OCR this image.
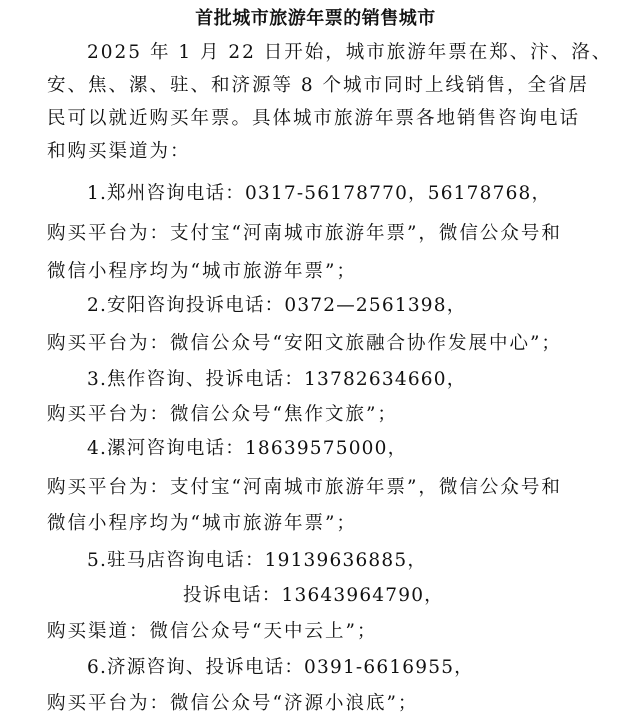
首批城市旅游年票的销售城市
2025 年 1 月 22 日开始，城市旅游年票在郑、汴、洛、
安、焦、漯、驻、和济源等 8 个城市同时上线销售，全省居
民可以就近购买年票。具体城市旅游年票各地销售咨询电话
和购买渠道为：
1.郑州咨询电话：0317-56178770，56178768，
购买平台为：支付宝“河南城市旅游年票”，微信公众号和
微信小程序均为“城市旅游年票”；
2.安阳咨询投诉电话：0372—2561398，
购买平台为：微信公众号“安阳文旅融合协作发展中心”；
3.焦作咨询、投诉电话：13782634660，
购买平台为：微信公众号“焦作文旅”；
4.漯河咨询电话：18639575000，
购买平台为：支付宝“河南城市旅游年票”，微信公众号和
微信小程序均为“城市旅游年票”；
5.驻马店咨询电话：19139636885，
投诉电话：13643964790，
购买渠道：微信公众号“天中云上”；
6.济源咨询、投诉电话：0391-6616955，
购买平台为：微信公众号“济源小浪底”；
